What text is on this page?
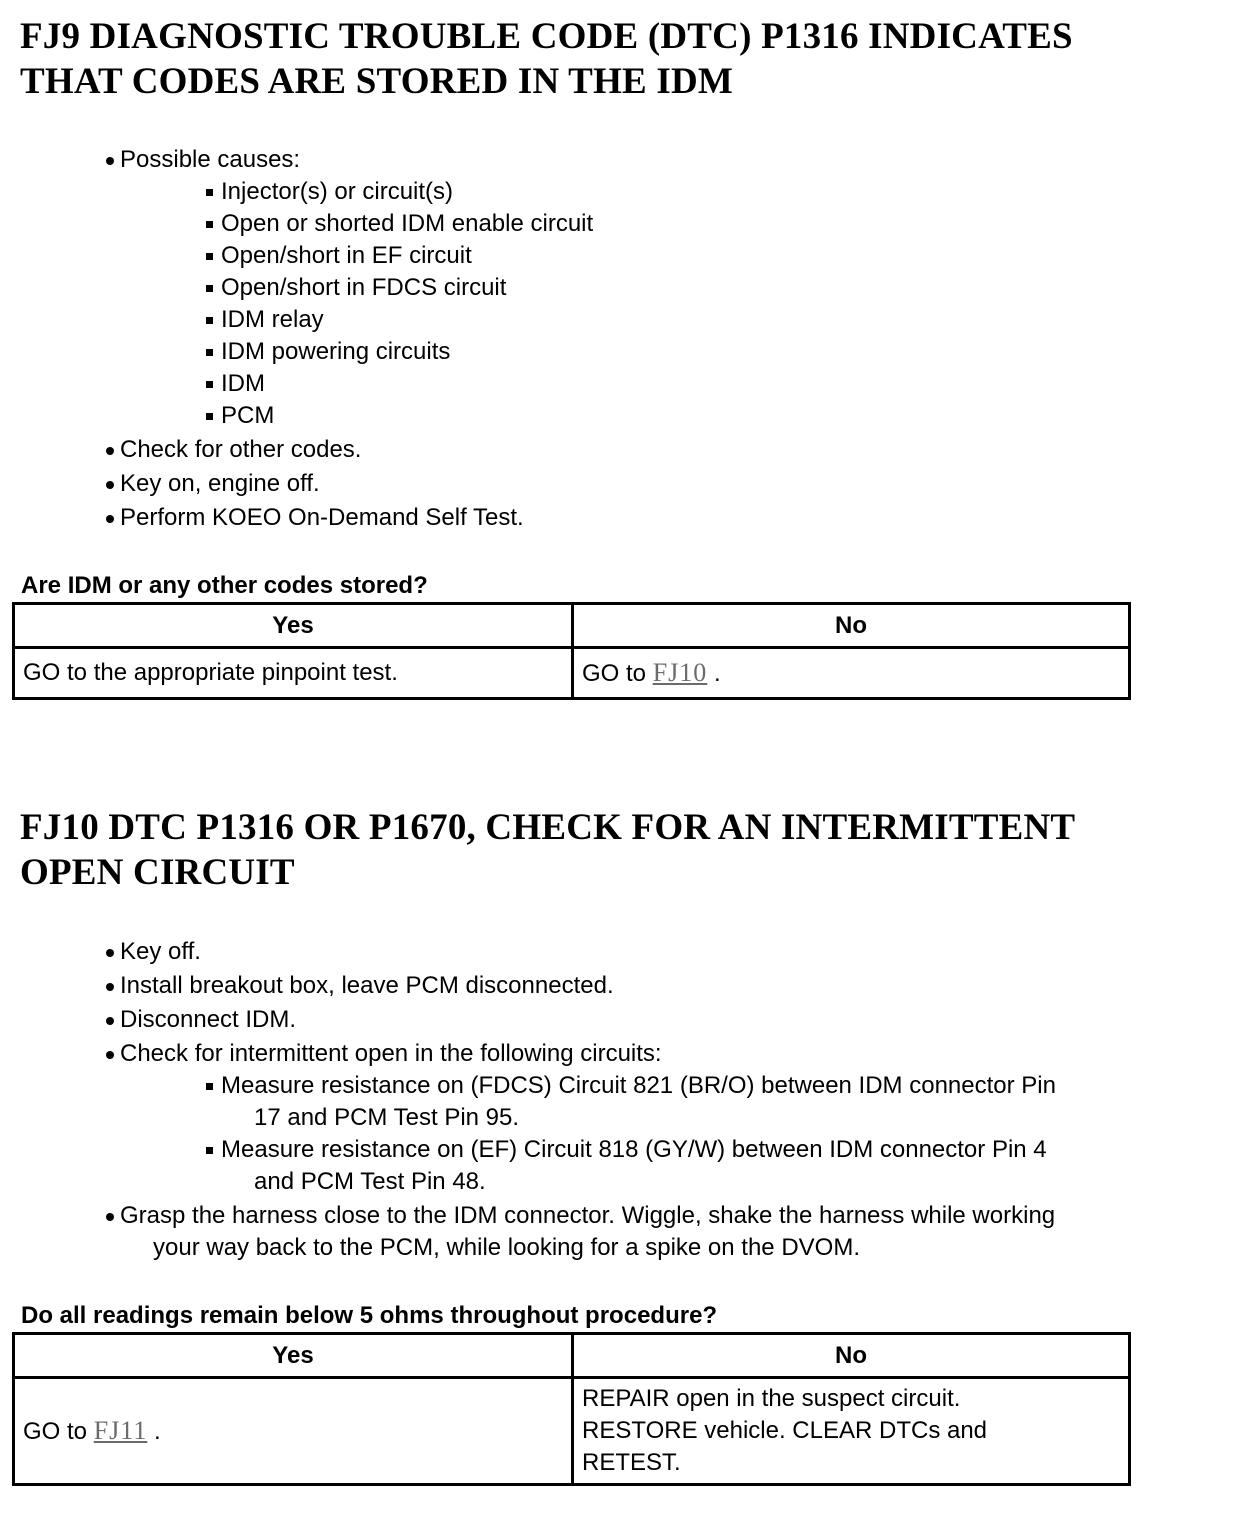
FJ9 DIAGNOSTIC TROUBLE CODE (DTC) P1316 INDICATES
THAT CODES ARE STORED IN THE IDM
Possible causes:
Injector(s) or circuit(s)
Open or shorted IDM enable circuit
Open/short in EF circuit
Open/short in FDCS circuit
IDM relay
IDM powering circuits
IDM
PCM
Check for other codes.
Key on, engine off.
Perform KOEO On-Demand Self Test.

Are IDM or any other codes stored?

Yes	No
GO to the appropriate pinpoint test.	GO to FJ10 .
FJ10 DTC P1316 OR P1670, CHECK FOR AN INTERMITTENT
OPEN CIRCUIT
Key off.
Install breakout box, leave PCM disconnected.
Disconnect IDM.
Check for intermittent open in the following circuits:
Measure resistance on (FDCS) Circuit 821 (BR/O) between IDM connector Pin
17 and PCM Test Pin 95.
Measure resistance on (EF) Circuit 818 (GY/W) between IDM connector Pin 4
and PCM Test Pin 48.
Grasp the harness close to the IDM connector. Wiggle, shake the harness while working
your way back to the PCM, while looking for a spike on the DVOM.

Do all readings remain below 5 ohms throughout procedure?

Yes	No
GO to FJ11 .	REPAIR open in the suspect circuit.
RESTORE vehicle. CLEAR DTCs and
RETEST.
